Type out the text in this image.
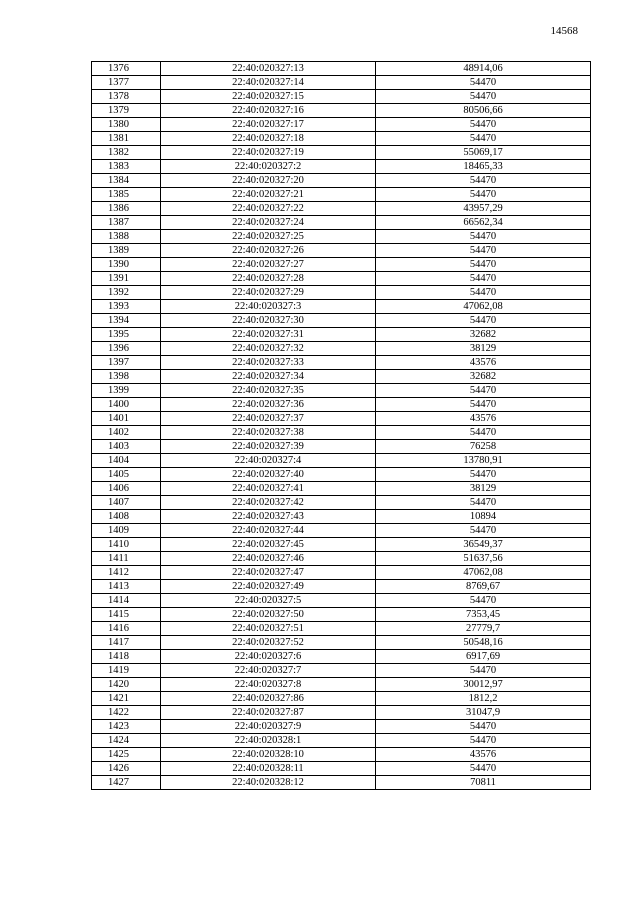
14568
1376	22:40:020327:13	48914,06
1377	22:40:020327:14	54470
1378	22:40:020327:15	54470
1379	22:40:020327:16	80506,66
1380	22:40:020327:17	54470
1381	22:40:020327:18	54470
1382	22:40:020327:19	55069,17
1383	22:40:020327:2	18465,33
1384	22:40:020327:20	54470
1385	22:40:020327:21	54470
1386	22:40:020327:22	43957,29
1387	22:40:020327:24	66562,34
1388	22:40:020327:25	54470
1389	22:40:020327:26	54470
1390	22:40:020327:27	54470
1391	22:40:020327:28	54470
1392	22:40:020327:29	54470
1393	22:40:020327:3	47062,08
1394	22:40:020327:30	54470
1395	22:40:020327:31	32682
1396	22:40:020327:32	38129
1397	22:40:020327:33	43576
1398	22:40:020327:34	32682
1399	22:40:020327:35	54470
1400	22:40:020327:36	54470
1401	22:40:020327:37	43576
1402	22:40:020327:38	54470
1403	22:40:020327:39	76258
1404	22:40:020327:4	13780,91
1405	22:40:020327:40	54470
1406	22:40:020327:41	38129
1407	22:40:020327:42	54470
1408	22:40:020327:43	10894
1409	22:40:020327:44	54470
1410	22:40:020327:45	36549,37
1411	22:40:020327:46	51637,56
1412	22:40:020327:47	47062,08
1413	22:40:020327:49	8769,67
1414	22:40:020327:5	54470
1415	22:40:020327:50	7353,45
1416	22:40:020327:51	27779,7
1417	22:40:020327:52	50548,16
1418	22:40:020327:6	6917,69
1419	22:40:020327:7	54470
1420	22:40:020327:8	30012,97
1421	22:40:020327:86	1812,2
1422	22:40:020327:87	31047,9
1423	22:40:020327:9	54470
1424	22:40:020328:1	54470
1425	22:40:020328:10	43576
1426	22:40:020328:11	54470
1427	22:40:020328:12	70811
